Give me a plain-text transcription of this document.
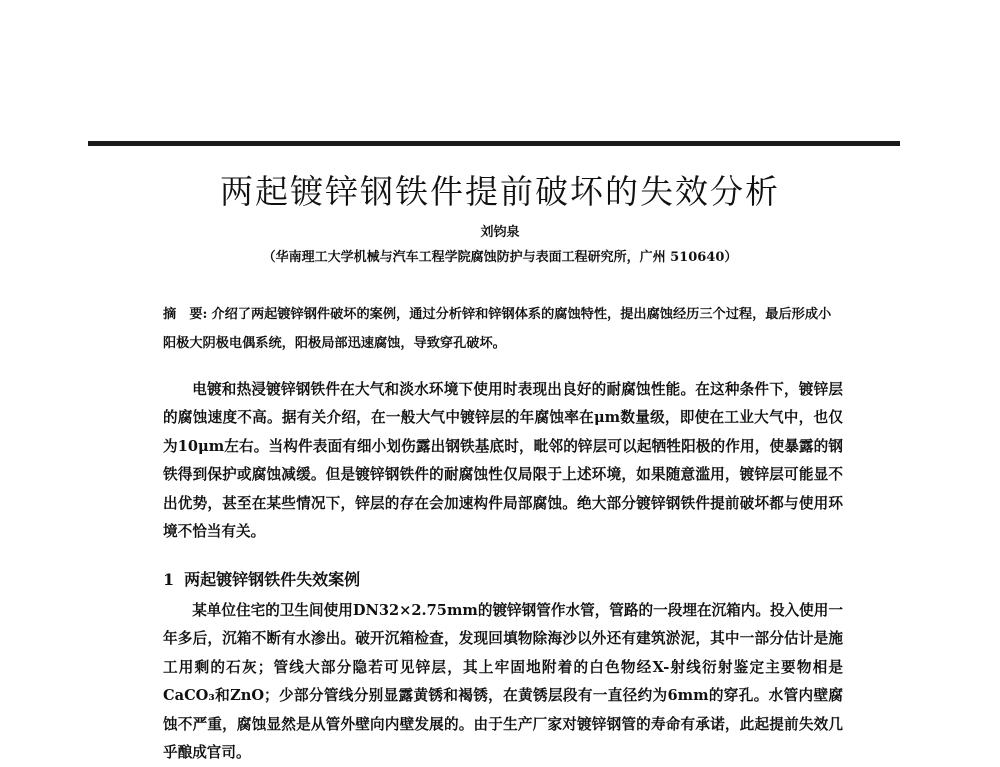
两起镀锌钢铁件提前破坏的失效分析
刘钧泉
（华南理工大学机械与汽车工程学院腐蚀防护与表面工程研究所，广州 510640）
摘　要: 介绍了两起镀锌钢件破坏的案例，通过分析锌和锌钢体系的腐蚀特性，提出腐蚀经历三个过程，最后形成小阳极大阴极电偶系统，阳极局部迅速腐蚀，导致穿孔破坏。
电镀和热浸镀锌钢铁件在大气和淡水环境下使用时表现出良好的耐腐蚀性能。在这种条件下，镀锌层的腐蚀速度不高。据有关介绍，在一般大气中镀锌层的年腐蚀率在μm数量级，即使在工业大气中，也仅为10μm左右。当构件表面有细小划伤露出钢铁基底时，毗邻的锌层可以起牺牲阳极的作用，使暴露的钢铁得到保护或腐蚀减缓。但是镀锌钢铁件的耐腐蚀性仅局限于上述环境，如果随意滥用，镀锌层可能显不出优势，甚至在某些情况下，锌层的存在会加速构件局部腐蚀。绝大部分镀锌钢铁件提前破坏都与使用环境不恰当有关。
1 两起镀锌钢铁件失效案例
某单位住宅的卫生间使用DN32×2.75mm的镀锌钢管作水管，管路的一段埋在沉箱内。投入使用一年多后，沉箱不断有水渗出。破开沉箱检查，发现回填物除海沙以外还有建筑淤泥，其中一部分估计是施工用剩的石灰；管线大部分隐若可见锌层，其上牢固地附着的白色物经X-射线衍射鉴定主要物相是CaCO₃和ZnO；少部分管线分别显露黄锈和褐锈，在黄锈层段有一直径约为6mm的穿孔。水管内壁腐蚀不严重，腐蚀显然是从管外壁向内壁发展的。由于生产厂家对镀锌钢管的寿命有承诺，此起提前失效几乎酿成官司。
